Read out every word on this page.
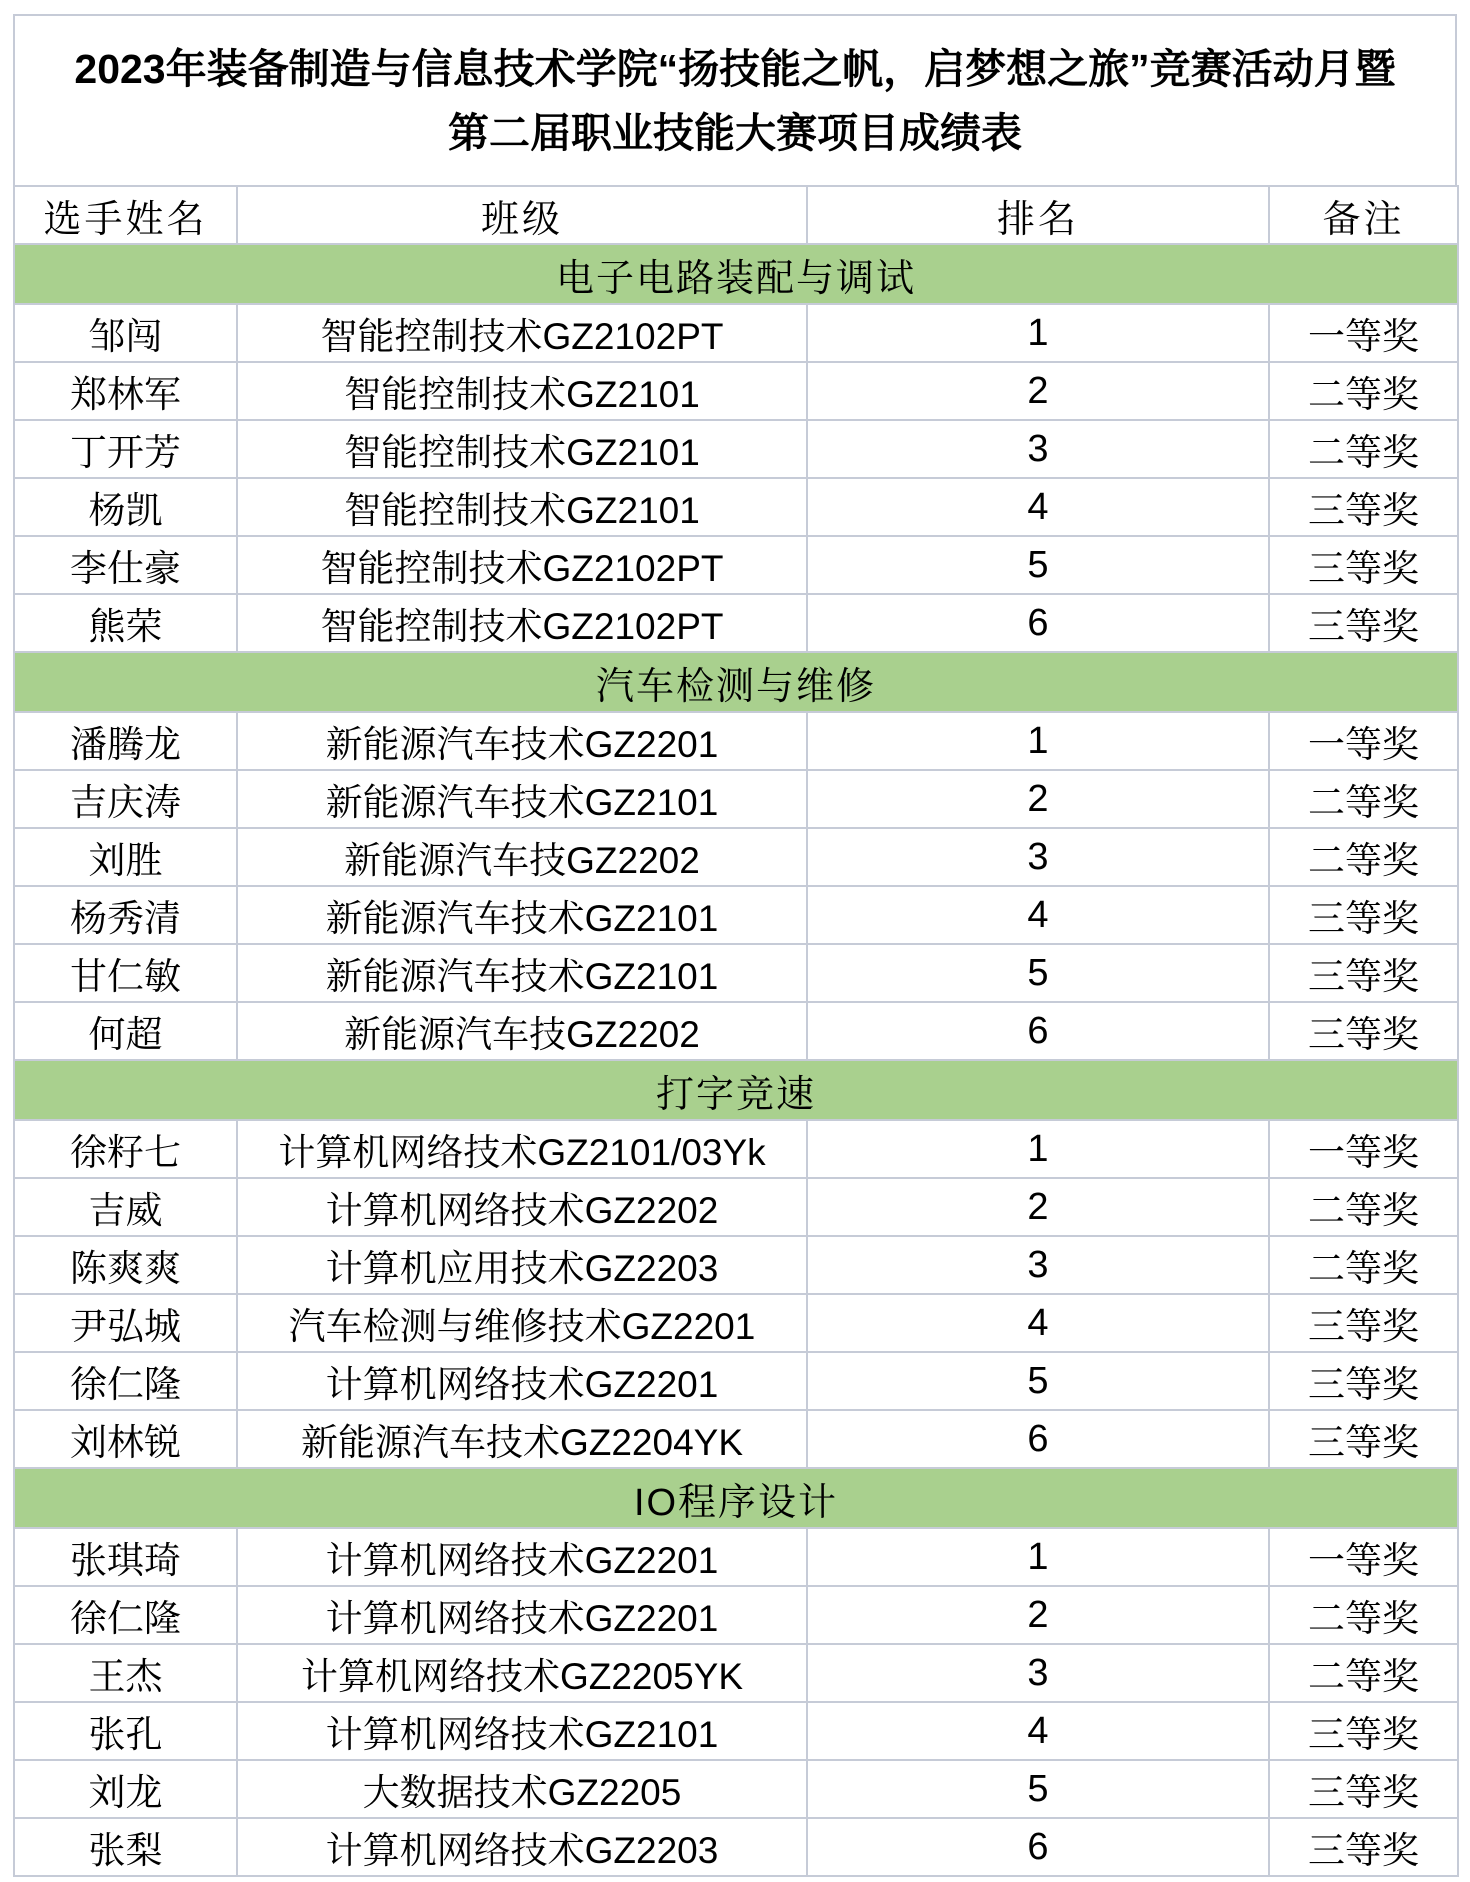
2023年装备制造与信息技术学院“扬技能之帆，启梦想之旅”竞赛活动月暨
第二届职业技能大赛项目成绩表
选手姓名	班级	排名	备注
电子电路装配与调试			
邹闯	智能控制技术GZ2102PT	1	一等奖
郑林军	智能控制技术GZ2101	2	二等奖
丁开芳	智能控制技术GZ2101	3	二等奖
杨凯	智能控制技术GZ2101	4	三等奖
李仕豪	智能控制技术GZ2102PT	5	三等奖
熊荣	智能控制技术GZ2102PT	6	三等奖
汽车检测与维修			
潘腾龙	新能源汽车技术GZ2201	1	一等奖
吉庆涛	新能源汽车技术GZ2101	2	二等奖
刘胜	新能源汽车技GZ2202	3	二等奖
杨秀清	新能源汽车技术GZ2101	4	三等奖
甘仁敏	新能源汽车技术GZ2101	5	三等奖
何超	新能源汽车技GZ2202	6	三等奖
打字竞速			
徐籽七	计算机网络技术GZ2101/03Yk	1	一等奖
吉威	计算机网络技术GZ2202	2	二等奖
陈爽爽	计算机应用技术GZ2203	3	二等奖
尹弘城	汽车检测与维修技术GZ2201	4	三等奖
徐仁隆	计算机网络技术GZ2201	5	三等奖
刘林锐	新能源汽车技术GZ2204YK	6	三等奖
IO程序设计			
张琪琦	计算机网络技术GZ2201	1	一等奖
徐仁隆	计算机网络技术GZ2201	2	二等奖
王杰	计算机网络技术GZ2205YK	3	二等奖
张孔	计算机网络技术GZ2101	4	三等奖
刘龙	大数据技术GZ2205	5	三等奖
张梨	计算机网络技术GZ2203	6	三等奖
